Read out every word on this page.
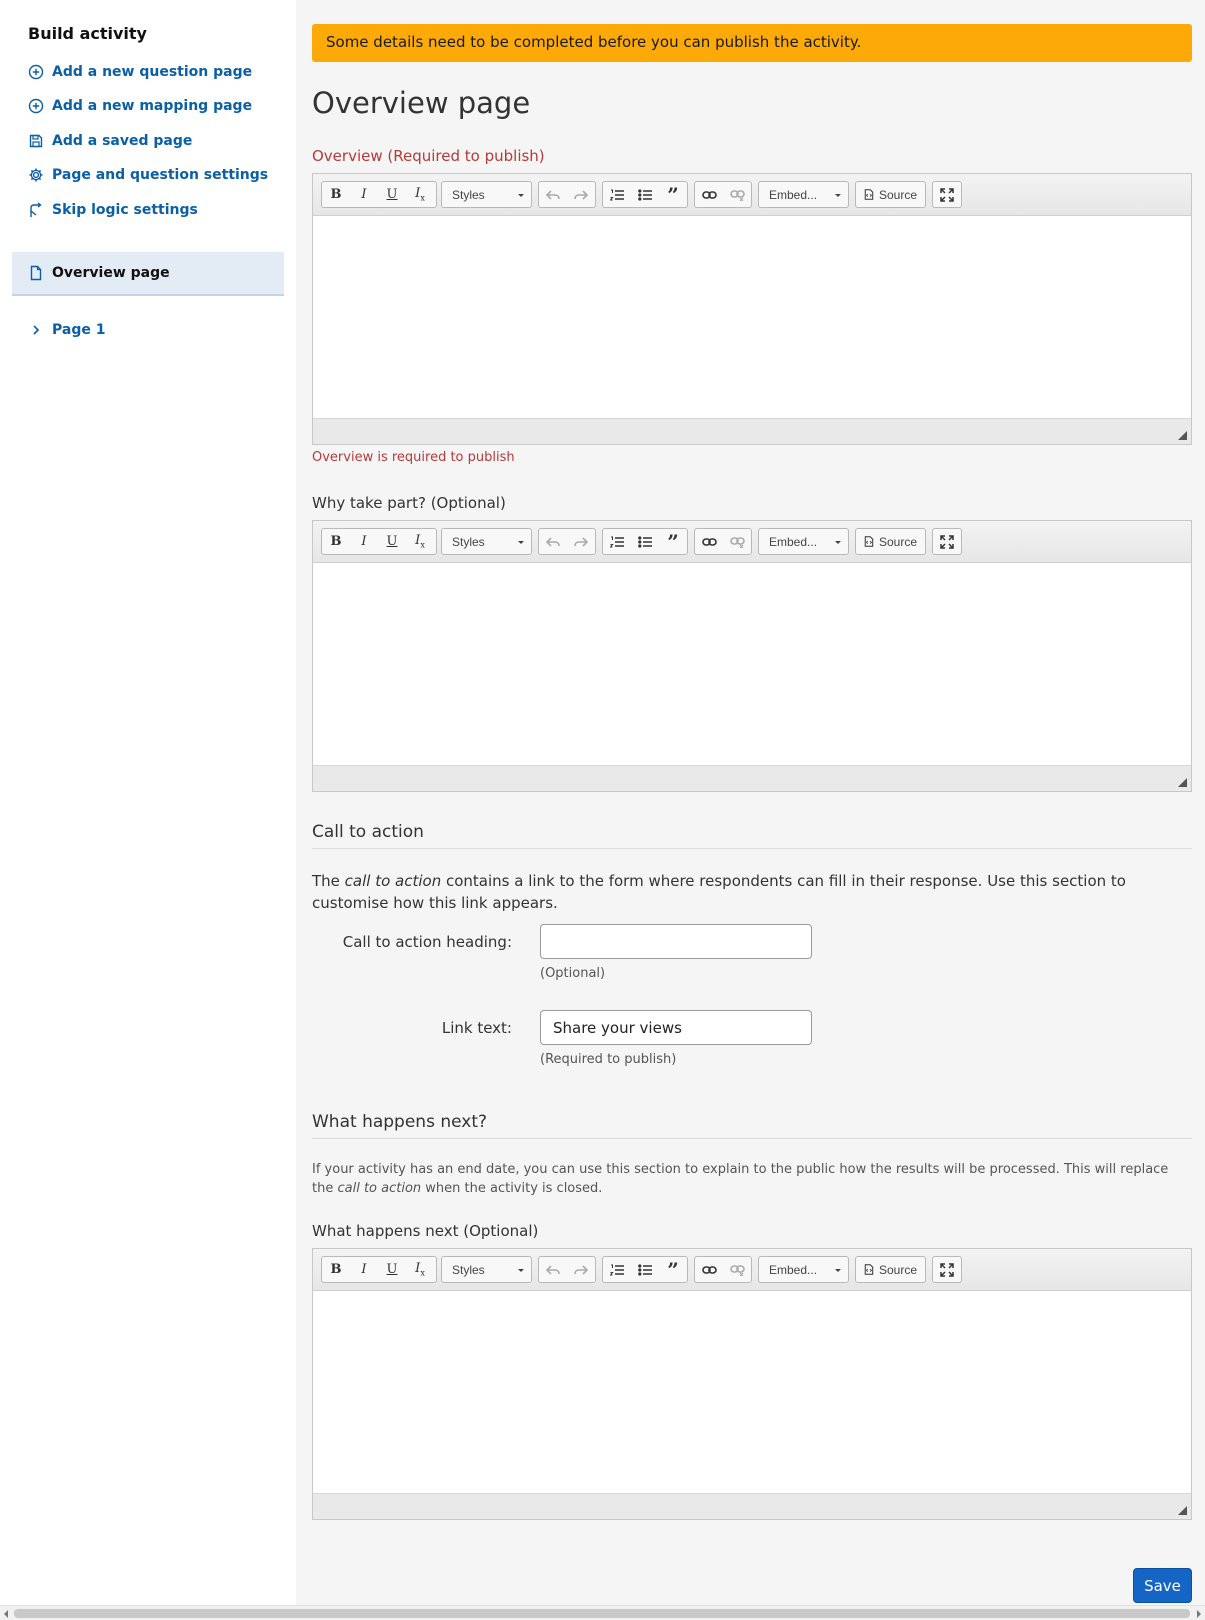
Build activity
Add a new question page
Add a new mapping page
Add a saved page
Page and question settings
Skip logic settings
Overview page
Page 1
Some details need to be completed before you can publish the activity.
Overview page
Overview (Required to publish)
B I U $I_x$	Styles	”	Embed...	Source
Overview is required to publish
Why take part? (Optional)
B I U $I_x$	Styles	”	Embed...	Source
Call to action
The call to action contains a link to the form where respondents can fill in their response. Use this section to customise how this link appears.
Call to action heading:
(Optional)
Link text:
Share your views
(Required to publish)
What happens next?
If your activity has an end date, you can use this section to explain to the public how the results will be processed. This will replace the call to action when the activity is closed.
What happens next (Optional)
B I U $I_x$	Styles	”	Embed...	Source
Save
